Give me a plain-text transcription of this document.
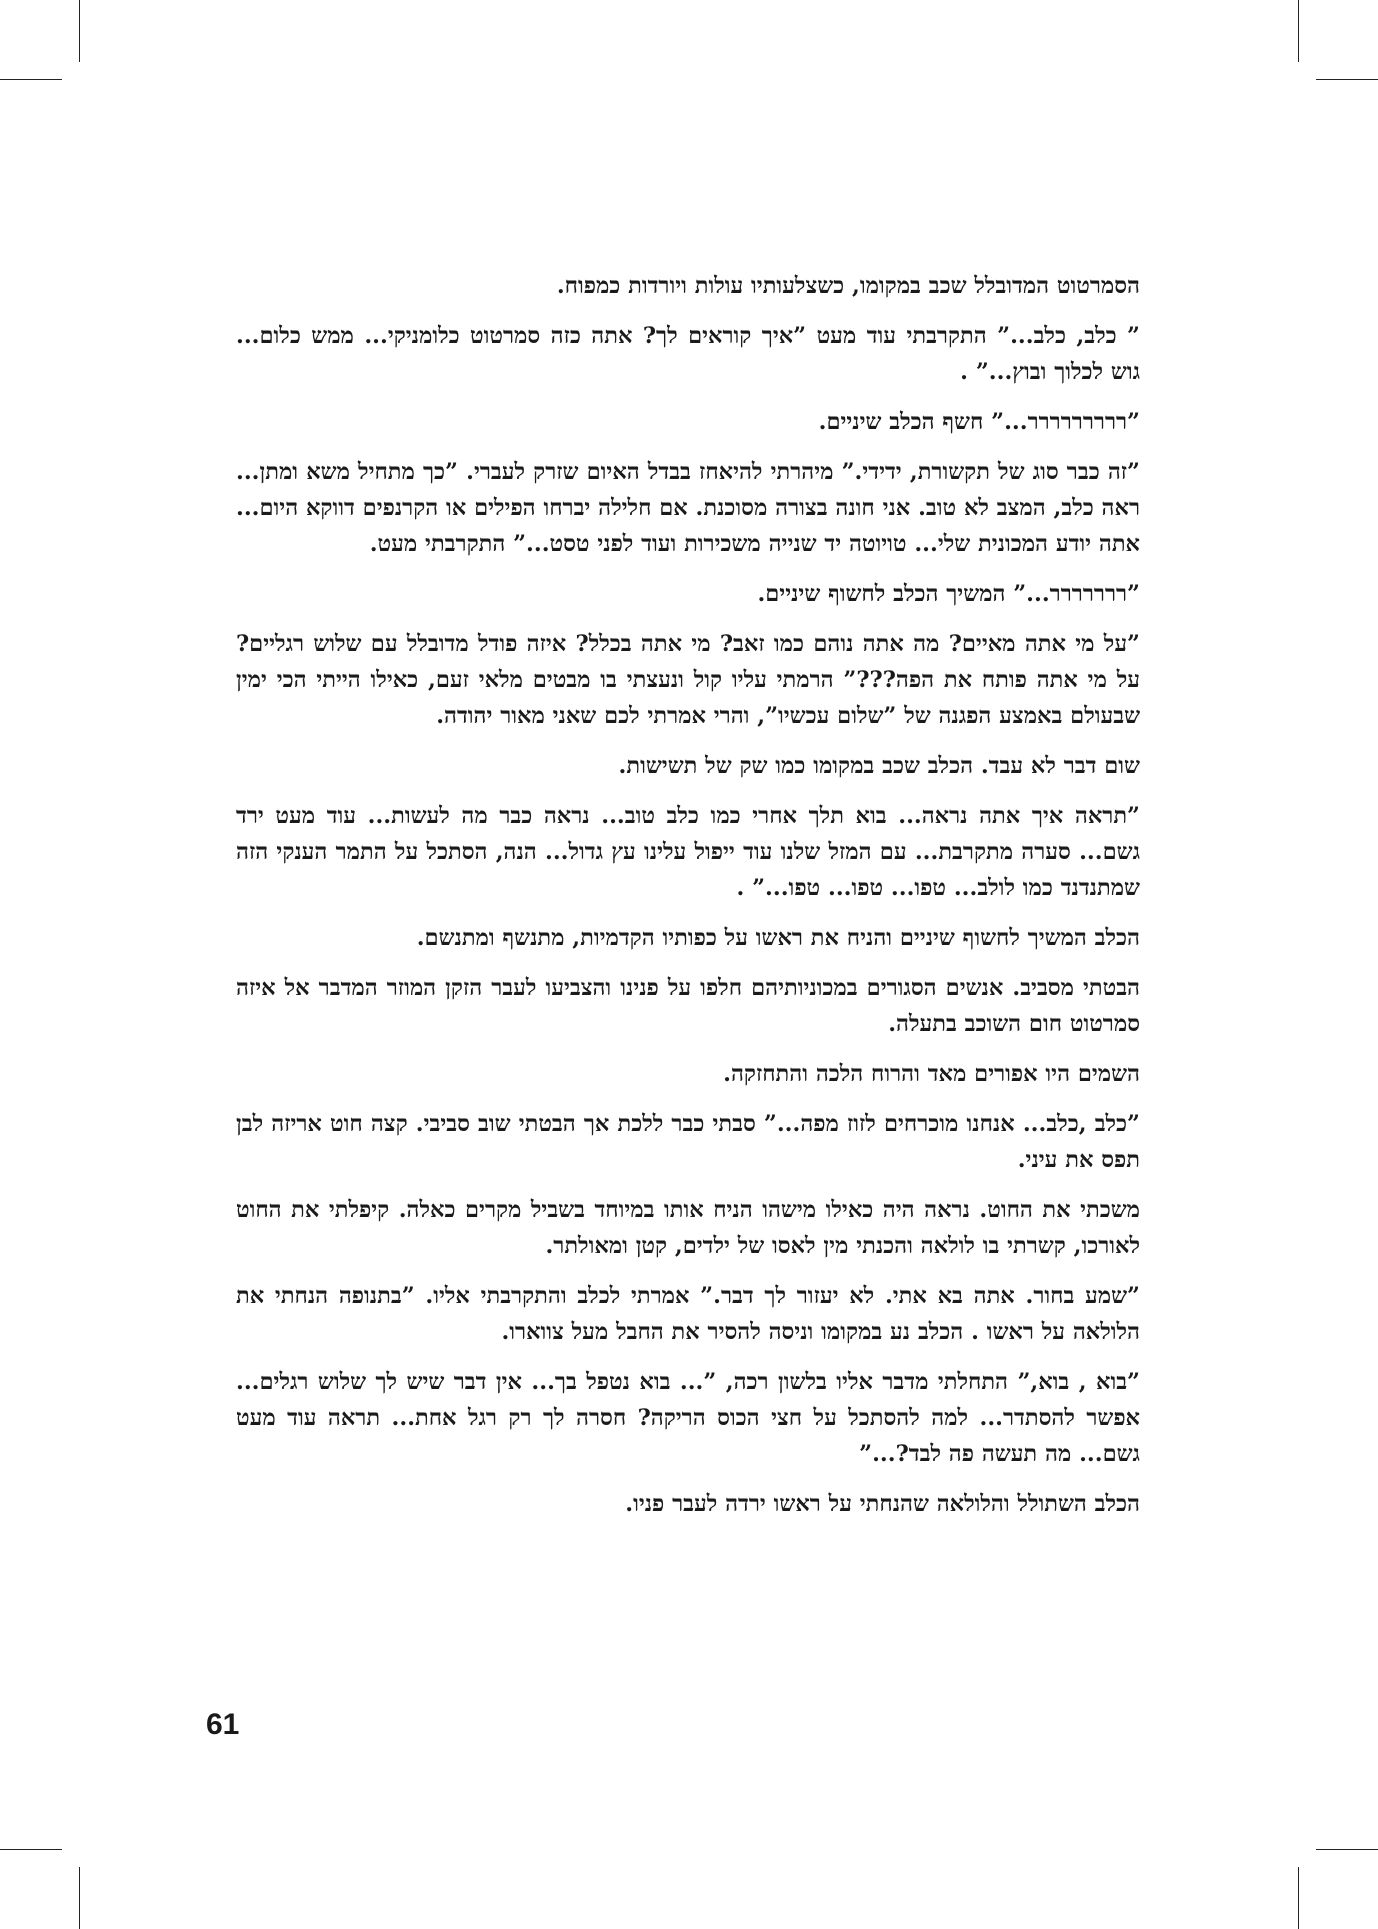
הסמרטוט המדובלל שכב במקומו, כשצלעותיו עולות ויורדות כמפוח.

” כלב, כלב...” התקרבתי עוד מעט ”איך קוראים לך? אתה כזה סמרטוט כלומניקי... ממש כלום... גוש לכלוך ובוץ...” .

”ררררררררר...” חשף הכלב שיניים.

”זה כבר סוג של תקשורת, ידידי.” מיהרתי להיאחז בבדל האיום שזרק לעברי. ”כך מתחיל משא ומתן... ראה כלב, המצב לא טוב. אני חונה בצורה מסוכנת. אם חלילה יברחו הפילים או הקרנפים דווקא היום... אתה יודע המכונית שלי... טויוטה יד שנייה משכירות ועוד לפני טסט...” התקרבתי מעט.

”ררררררר...” המשיך הכלב לחשוף שיניים.

”על מי אתה מאיים? מה אתה נוהם כמו זאב? מי אתה בכלל? איזה פודל מדובלל עם שלוש רגליים? על מי אתה פותח את הפה???” הרמתי עליו קול ונעצתי בו מבטים מלאי זעם, כאילו הייתי הכי ימין שבעולם באמצע הפגנה של ”שלום עכשיו”, והרי אמרתי לכם שאני מאור יהודה.

שום דבר לא עבד. הכלב שכב במקומו כמו שק של תשישות.

”תראה איך אתה נראה... בוא תלך אחרי כמו כלב טוב... נראה כבר מה לעשות... עוד מעט ירד גשם... סערה מתקרבת... עם המזל שלנו עוד ייפול עלינו עץ גדול... הנה, הסתכל על התמר הענקי הזה שמתנדנד כמו לולב... טפו... טפו... טפו...” .

הכלב המשיך לחשוף שיניים והניח את ראשו על כפותיו הקדמיות, מתנשף ומתנשם.

הבטתי מסביב. אנשים הסגורים במכוניותיהם חלפו על פנינו והצביעו לעבר הזקן המוזר המדבר אל איזה סמרטוט חום השוכב בתעלה.

השמים היו אפורים מאד והרוח הלכה והתחזקה.

”כלב ,כלב... אנחנו מוכרחים לזוז מפה...” סבתי כבר ללכת אך הבטתי שוב סביבי. קצה חוט אריזה לבן תפס את עיני.

משכתי את החוט. נראה היה כאילו מישהו הניח אותו במיוחד בשביל מקרים כאלה. קיפלתי את החוט לאורכו, קשרתי בו לולאה והכנתי מין לאסו של ילדים, קטן ומאולתר.

”שמע בחור. אתה בא אתי. לא יעזור לך דבר.” אמרתי לכלב והתקרבתי אליו. ”בתנופה הנחתי את הלולאה על ראשו . הכלב נע במקומו וניסה להסיר את החבל מעל צווארו.

”בוא , בוא,” התחלתי מדבר אליו בלשון רכה, ”... בוא נטפל בך... אין דבר שיש לך שלוש רגלים... אפשר להסתדר... למה להסתכל על חצי הכוס הריקה? חסרה לך רק רגל אחת... תראה עוד מעט גשם... מה תעשה פה לבד?...”

הכלב השתולל והלולאה שהנחתי על ראשו ירדה לעבר פניו.

61
